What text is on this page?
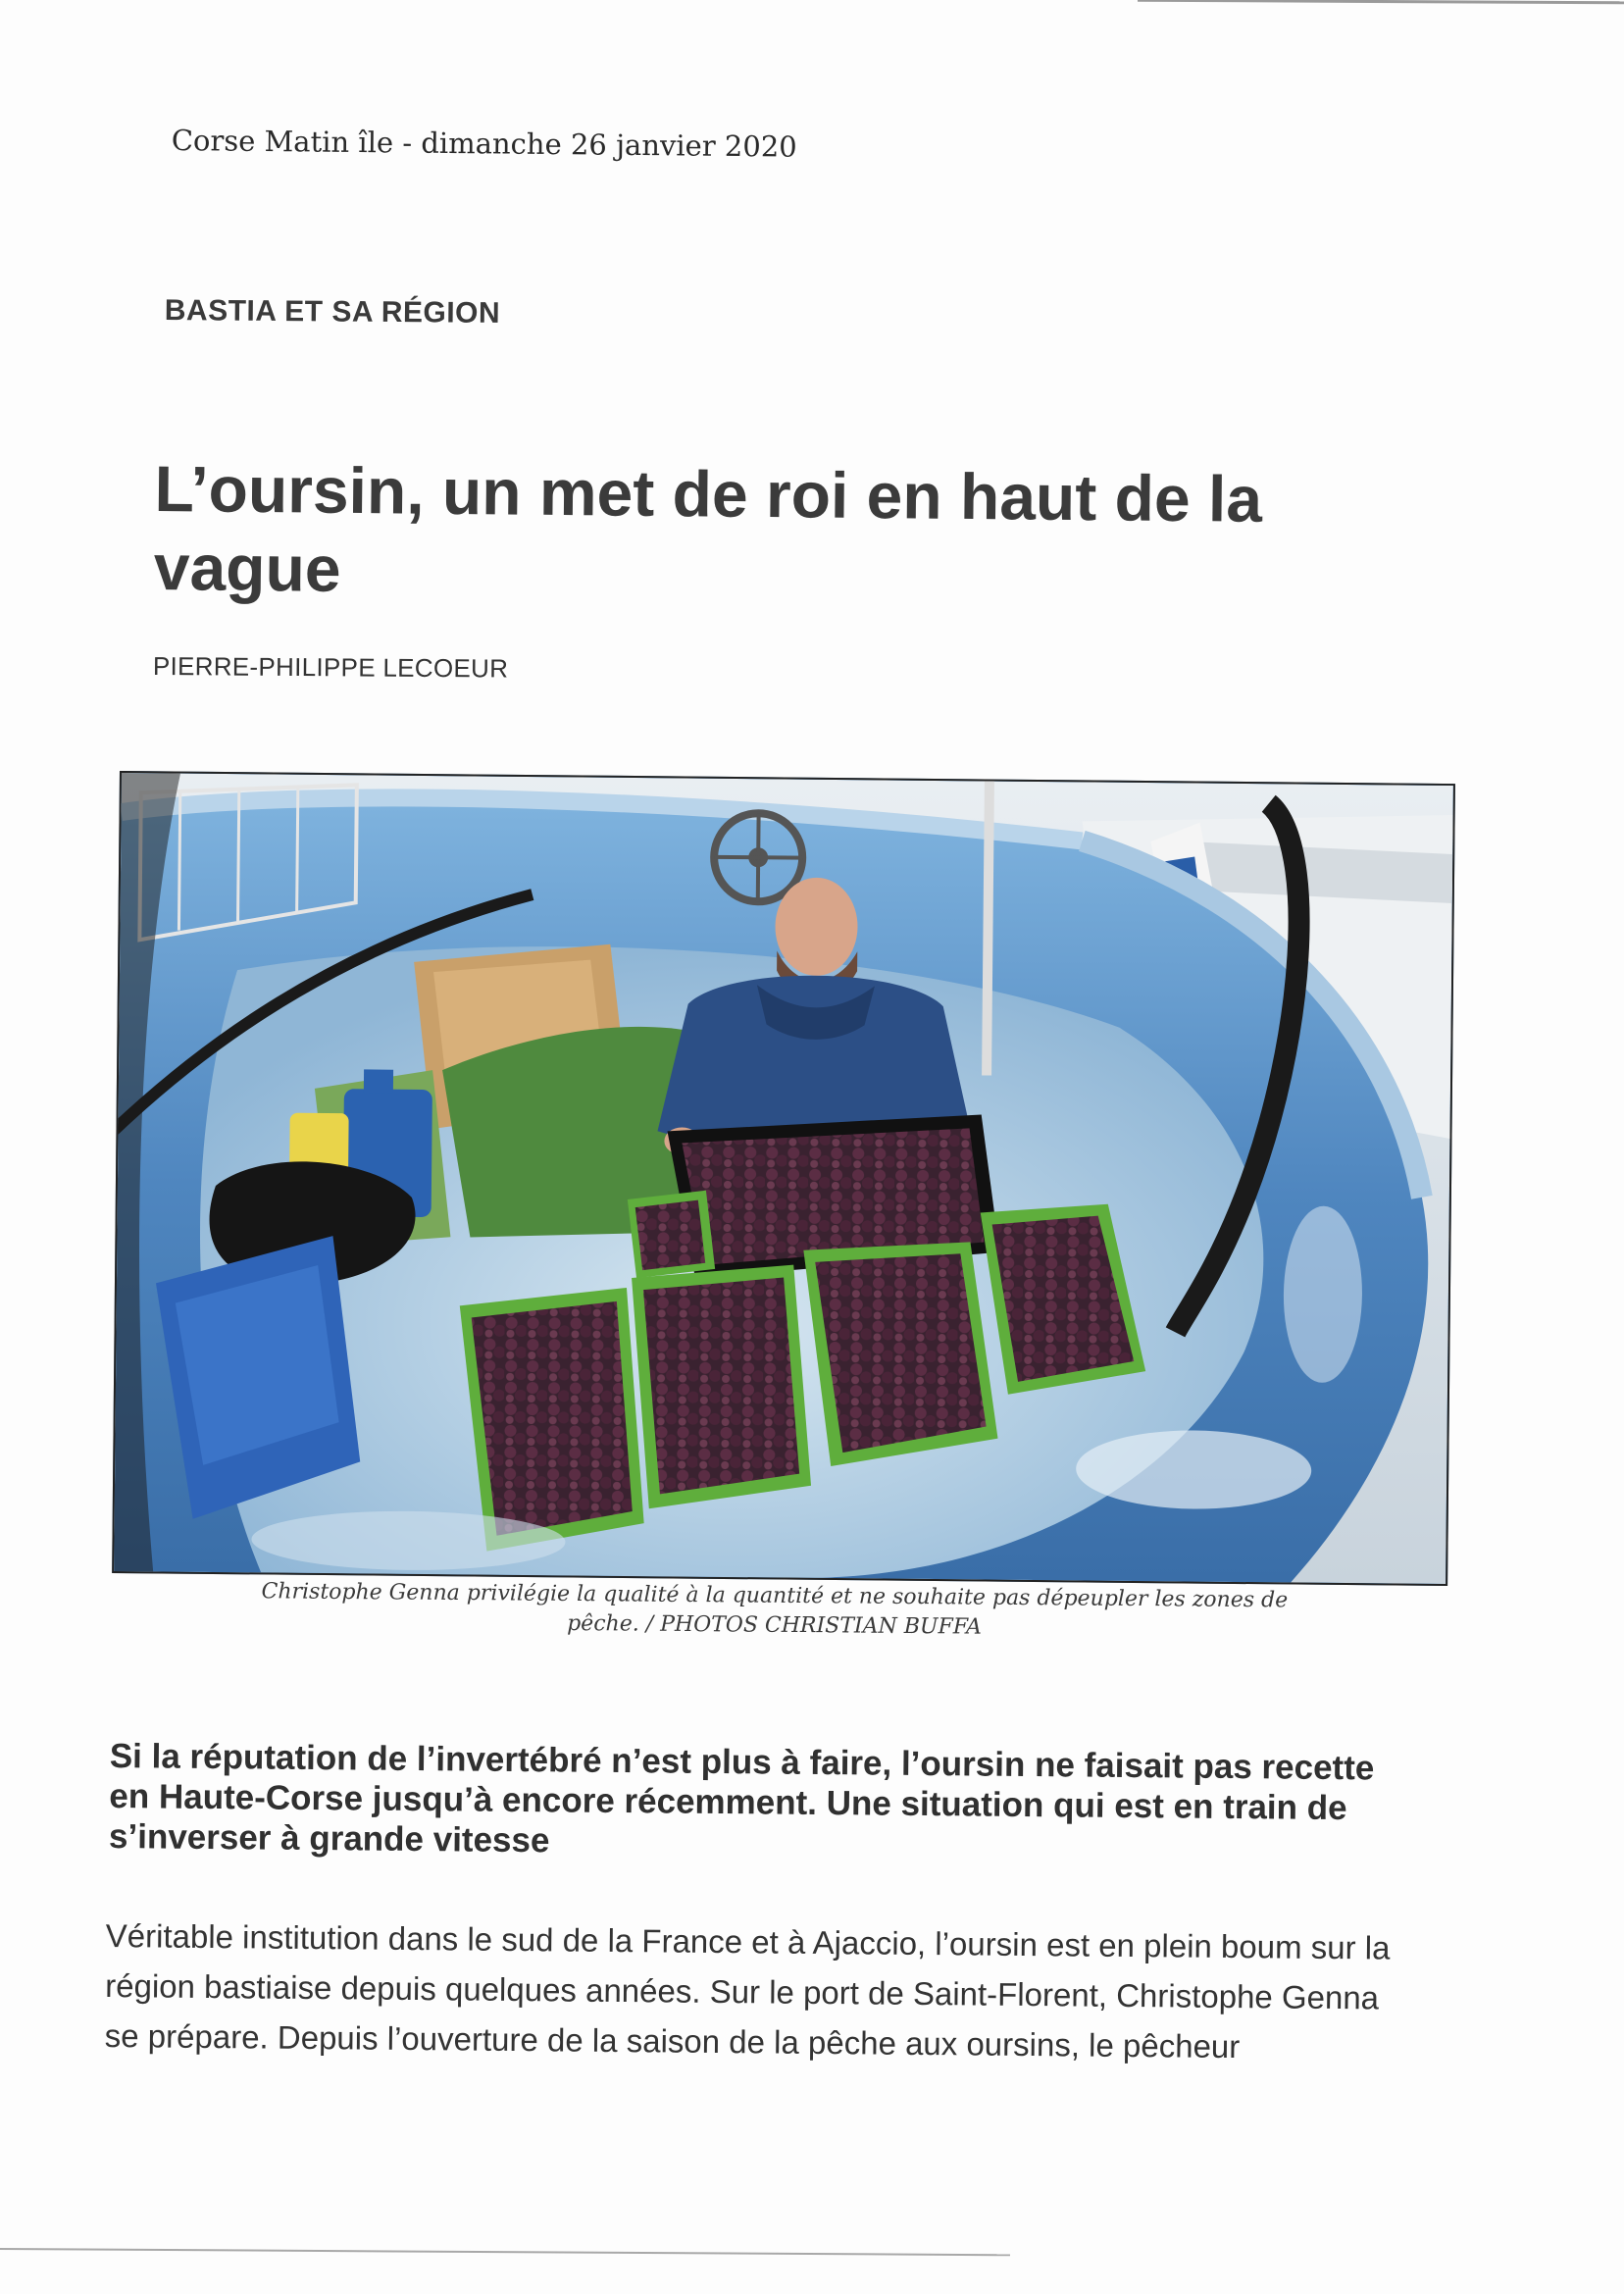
Corse Matin île - dimanche 26 janvier 2020
BASTIA ET SA RÉGION
L’oursin, un met de roi en haut de la vague
PIERRE-PHILIPPE LECOEUR
Christophe Genna privilégie la qualité à la quantité et ne souhaite pas dépeupler les zones de pêche. / PHOTOS CHRISTIAN BUFFA

Si la réputation de l’invertébré n’est plus à faire, l’oursin ne faisait pas recette en Haute-Corse jusqu’à encore récemment. Une situation qui est en train de s’inverser à grande vitesse

Véritable institution dans le sud de la France et à Ajaccio, l’oursin est en plein boum sur la région bastiaise depuis quelques années. Sur le port de Saint-Florent, Christophe Genna se prépare. Depuis l’ouverture de la saison de la pêche aux oursins, le pêcheur
